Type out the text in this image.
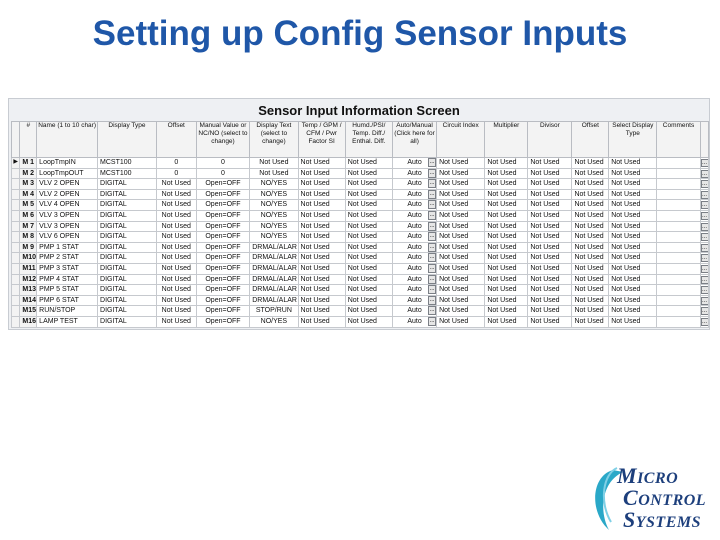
Setting up Config Sensor Inputs
Sensor Input Information Screen
	#	Name (1 to 10 char)	Display Type	Offset	Manual Value or NC/NO (select to change)	Display Text (select to change)	Temp / GPM / CFM / Pwr Factor SI	Humd./PSI/ Temp. Diff./ Enthal. Diff.	Auto/Manual (Click here for all)	Circuit Index	Multiplier	Divisor	Offset	Select Display Type	Comments	
▶	M 1	LoopTmpIN	MCST100	0	0	Not Used	Not Used	Not Used	Auto ...	Not Used	Not Used	Not Used	Not Used	Not Used		...
	M 2	LoopTmpOUT	MCST100	0	0	Not Used	Not Used	Not Used	Auto ...	Not Used	Not Used	Not Used	Not Used	Not Used		...
	M 3	VLV 2 OPEN	DIGITAL	Not Used	Open=OFF	NO/YES	Not Used	Not Used	Auto ...	Not Used	Not Used	Not Used	Not Used	Not Used		...
	M 4	VLV 2 OPEN	DIGITAL	Not Used	Open=OFF	NO/YES	Not Used	Not Used	Auto ...	Not Used	Not Used	Not Used	Not Used	Not Used		...
	M 5	VLV 4 OPEN	DIGITAL	Not Used	Open=OFF	NO/YES	Not Used	Not Used	Auto ...	Not Used	Not Used	Not Used	Not Used	Not Used		...
	M 6	VLV 3 OPEN	DIGITAL	Not Used	Open=OFF	NO/YES	Not Used	Not Used	Auto ...	Not Used	Not Used	Not Used	Not Used	Not Used		...
	M 7	VLV 3 OPEN	DIGITAL	Not Used	Open=OFF	NO/YES	Not Used	Not Used	Auto ...	Not Used	Not Used	Not Used	Not Used	Not Used		...
	M 8	VLV 6 OPEN	DIGITAL	Not Used	Open=OFF	NO/YES	Not Used	Not Used	Auto ...	Not Used	Not Used	Not Used	Not Used	Not Used		...
	M 9	PMP 1 STAT	DIGITAL	Not Used	Open=OFF	DRMAL/ALAR	Not Used	Not Used	Auto ...	Not Used	Not Used	Not Used	Not Used	Not Used		...
	M10	PMP 2 STAT	DIGITAL	Not Used	Open=OFF	DRMAL/ALAR	Not Used	Not Used	Auto ...	Not Used	Not Used	Not Used	Not Used	Not Used		...
	M11	PMP 3 STAT	DIGITAL	Not Used	Open=OFF	DRMAL/ALAR	Not Used	Not Used	Auto ...	Not Used	Not Used	Not Used	Not Used	Not Used		...
	M12	PMP 4 STAT	DIGITAL	Not Used	Open=OFF	DRMAL/ALAR	Not Used	Not Used	Auto ...	Not Used	Not Used	Not Used	Not Used	Not Used		...
	M13	PMP 5 STAT	DIGITAL	Not Used	Open=OFF	DRMAL/ALAR	Not Used	Not Used	Auto ...	Not Used	Not Used	Not Used	Not Used	Not Used		...
	M14	PMP 6 STAT	DIGITAL	Not Used	Open=OFF	DRMAL/ALAR	Not Used	Not Used	Auto ...	Not Used	Not Used	Not Used	Not Used	Not Used		...
	M15	RUN/STOP	DIGITAL	Not Used	Open=OFF	STOP/RUN	Not Used	Not Used	Auto ...	Not Used	Not Used	Not Used	Not Used	Not Used		...
	M16	LAMP TEST	DIGITAL	Not Used	Open=OFF	NO/YES	Not Used	Not Used	Auto ...	Not Used	Not Used	Not Used	Not Used	Not Used		...
MICRO
CONTROL
SYSTEMS
